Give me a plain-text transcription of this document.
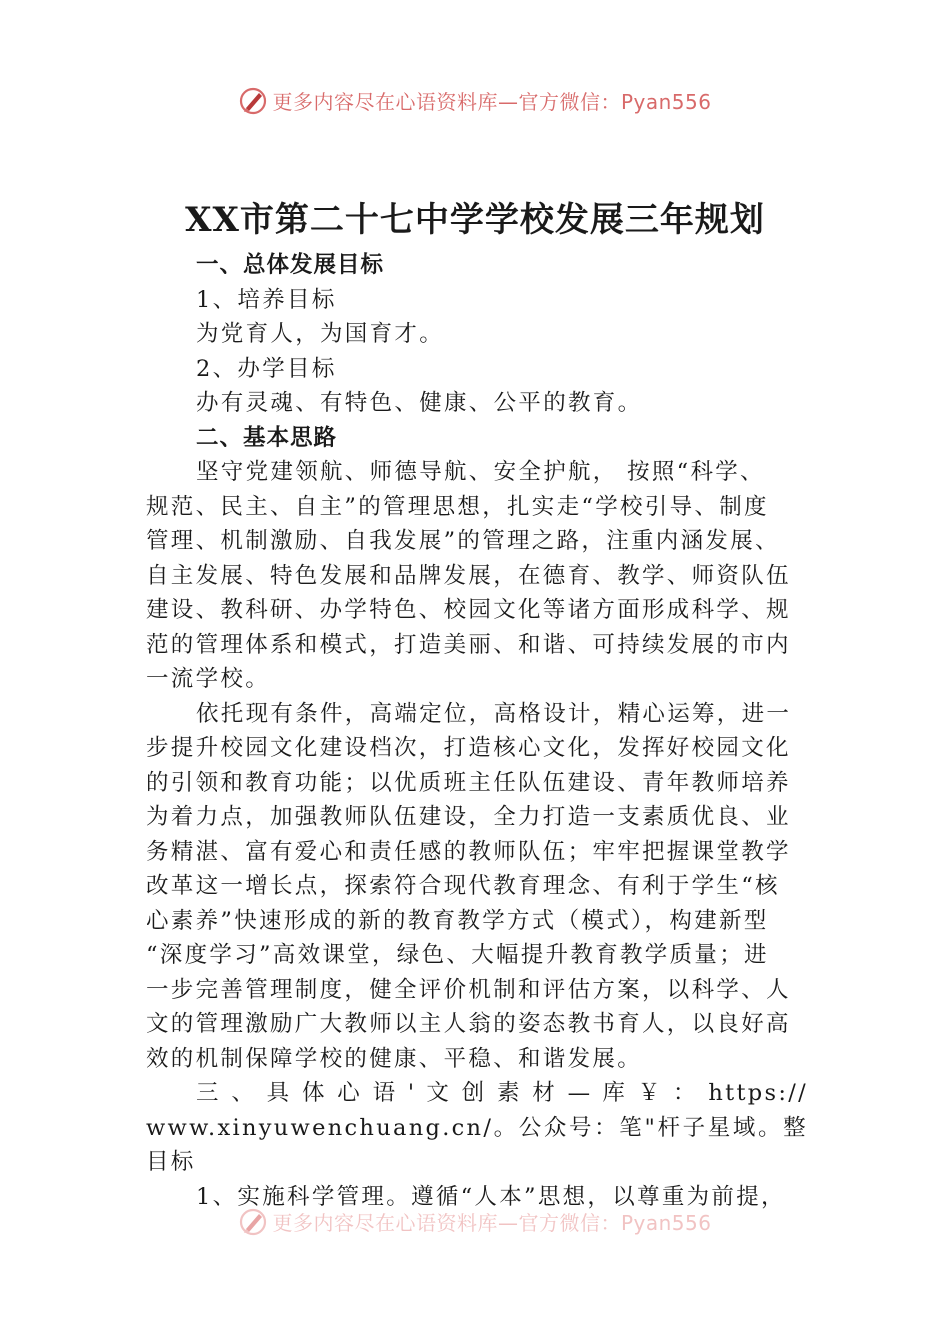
更多内容尽在心语资料库—官方微信：Pyan556
XX市第二十七中学学校发展三年规划
一、总体发展目标
1、培养目标
为党育人，为国育才。
2、办学目标
办有灵魂、有特色、健康、公平的教育。
二、基本思路
坚守党建领航、师德导航、安全护航， 按照“科学、
规范、民主、自主”的管理思想，扎实走“学校引导、制度
管理、机制激励、自我发展”的管理之路，注重内涵发展、
自主发展、特色发展和品牌发展，在德育、教学、师资队伍
建设、教科研、办学特色、校园文化等诸方面形成科学、规
范的管理体系和模式，打造美丽、和谐、可持续发展的市内
一流学校。
依托现有条件，高端定位，高格设计，精心运筹，进一
步提升校园文化建设档次，打造核心文化，发挥好校园文化
的引领和教育功能；以优质班主任队伍建设、青年教师培养
为着力点，加强教师队伍建设，全力打造一支素质优良、业
务精湛、富有爱心和责任感的教师队伍；牢牢把握课堂教学
改革这一增长点，探索符合现代教育理念、有利于学生“核
心素养”快速形成的新的教育教学方式（模式），构建新型
“深度学习”高效课堂，绿色、大幅提升教育教学质量；进
一步完善管理制度，健全评价机制和评估方案，以科学、人
文的管理激励广大教师以主人翁的姿态教书育人，以良好高
效的机制保障学校的健康、平稳、和谐发展。
三 、 具 体 心 语 ' 文 创 素 材 — 库 ￥ ： https://
www.xinyuwenchuang.cn/。公众号：笔"杆子星域。整
目标
1、实施科学管理。遵循“人本”思想，以尊重为前提，
更多内容尽在心语资料库—官方微信：Pyan556
